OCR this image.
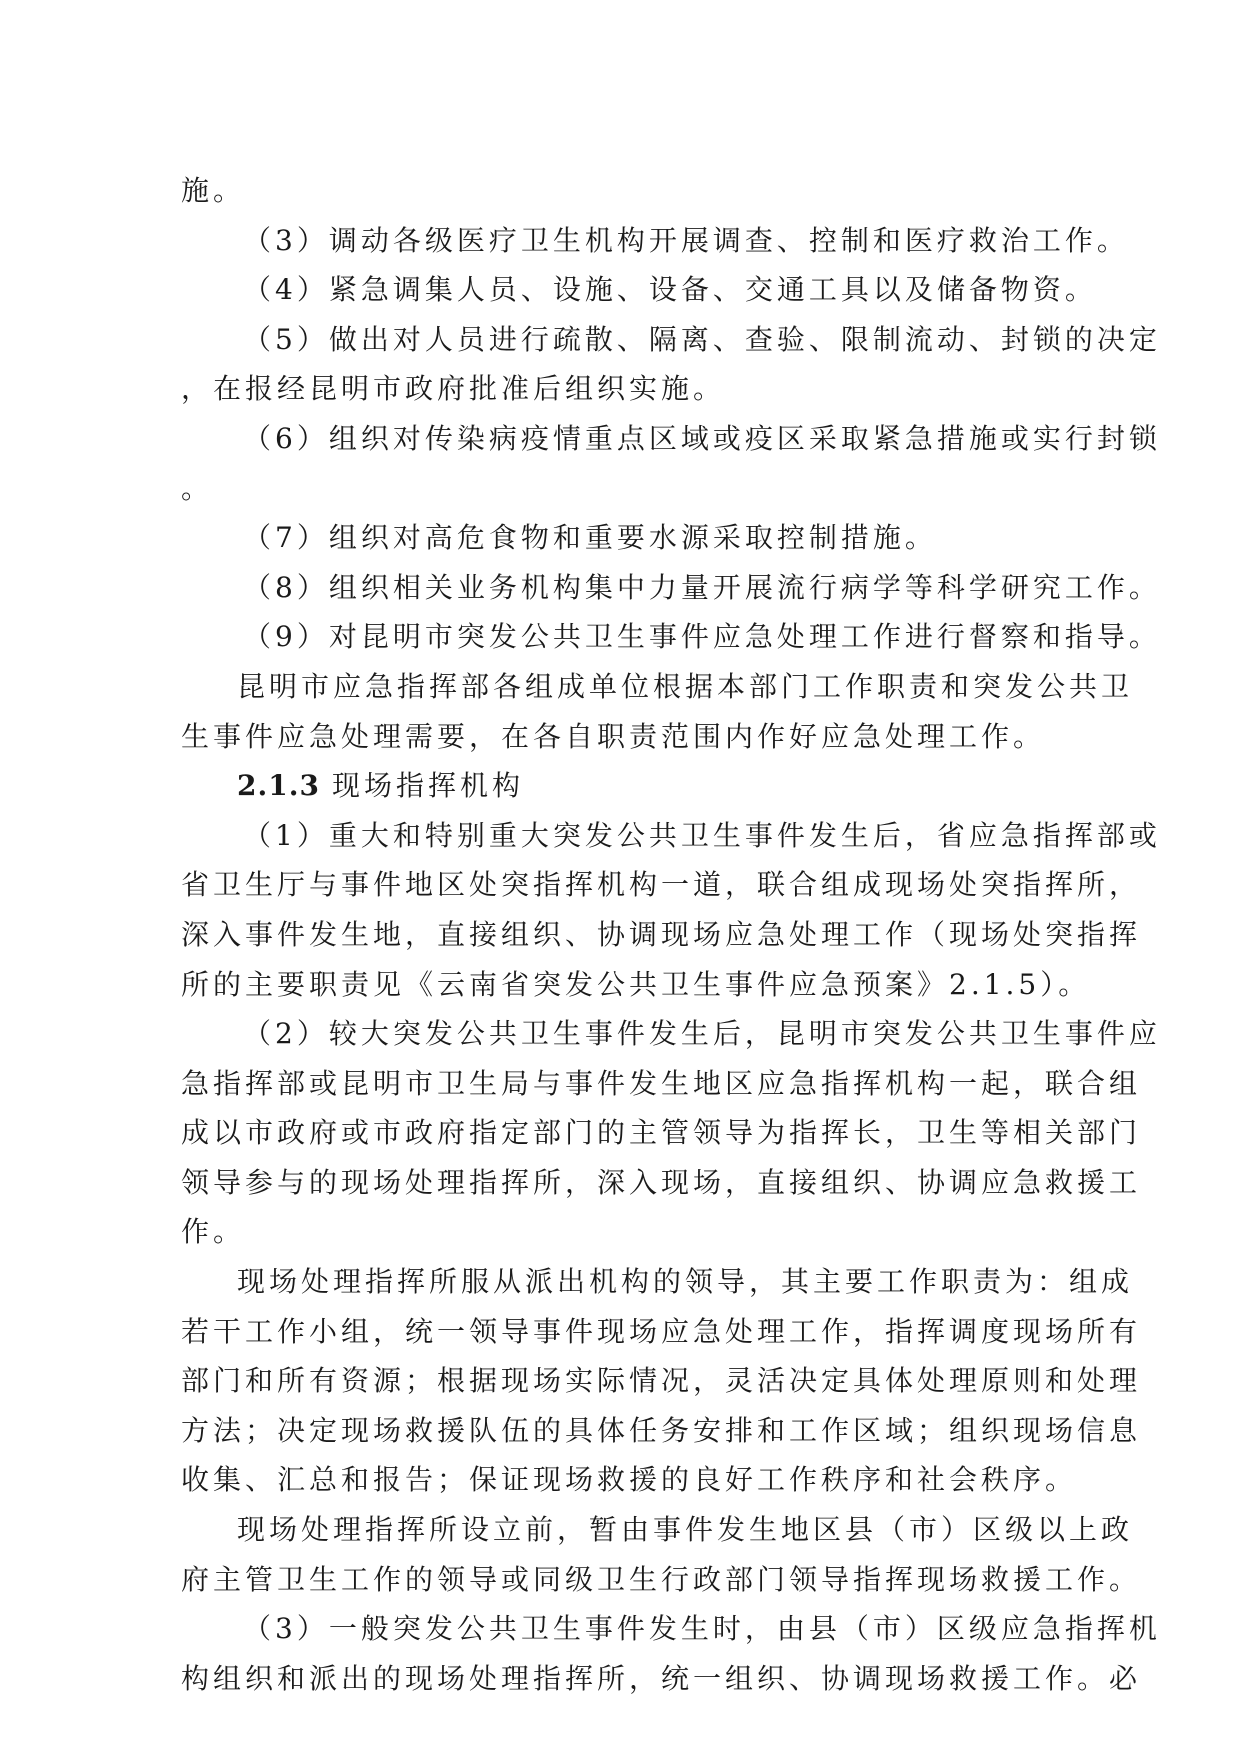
施。
（3）调动各级医疗卫生机构开展调查、控制和医疗救治工作。
（4）紧急调集人员、设施、设备、交通工具以及储备物资。
（5）做出对人员进行疏散、隔离、查验、限制流动、封锁的决定
，在报经昆明市政府批准后组织实施。
（6）组织对传染病疫情重点区域或疫区采取紧急措施或实行封锁
。
（7）组织对高危食物和重要水源采取控制措施。
（8）组织相关业务机构集中力量开展流行病学等科学研究工作。
（9）对昆明市突发公共卫生事件应急处理工作进行督察和指导。
昆明市应急指挥部各组成单位根据本部门工作职责和突发公共卫
生事件应急处理需要，在各自职责范围内作好应急处理工作。
2.1.3 现场指挥机构
（1）重大和特别重大突发公共卫生事件发生后，省应急指挥部或
省卫生厅与事件地区处突指挥机构一道，联合组成现场处突指挥所，
深入事件发生地，直接组织、协调现场应急处理工作（现场处突指挥
所的主要职责见《云南省突发公共卫生事件应急预案》2.1.5）。
（2）较大突发公共卫生事件发生后，昆明市突发公共卫生事件应
急指挥部或昆明市卫生局与事件发生地区应急指挥机构一起，联合组
成以市政府或市政府指定部门的主管领导为指挥长，卫生等相关部门
领导参与的现场处理指挥所，深入现场，直接组织、协调应急救援工
作。
现场处理指挥所服从派出机构的领导，其主要工作职责为：组成
若干工作小组，统一领导事件现场应急处理工作，指挥调度现场所有
部门和所有资源；根据现场实际情况，灵活决定具体处理原则和处理
方法；决定现场救援队伍的具体任务安排和工作区域；组织现场信息
收集、汇总和报告；保证现场救援的良好工作秩序和社会秩序。
现场处理指挥所设立前，暂由事件发生地区县（市）区级以上政
府主管卫生工作的领导或同级卫生行政部门领导指挥现场救援工作。
（3）一般突发公共卫生事件发生时，由县（市）区级应急指挥机
构组织和派出的现场处理指挥所，统一组织、协调现场救援工作。必
